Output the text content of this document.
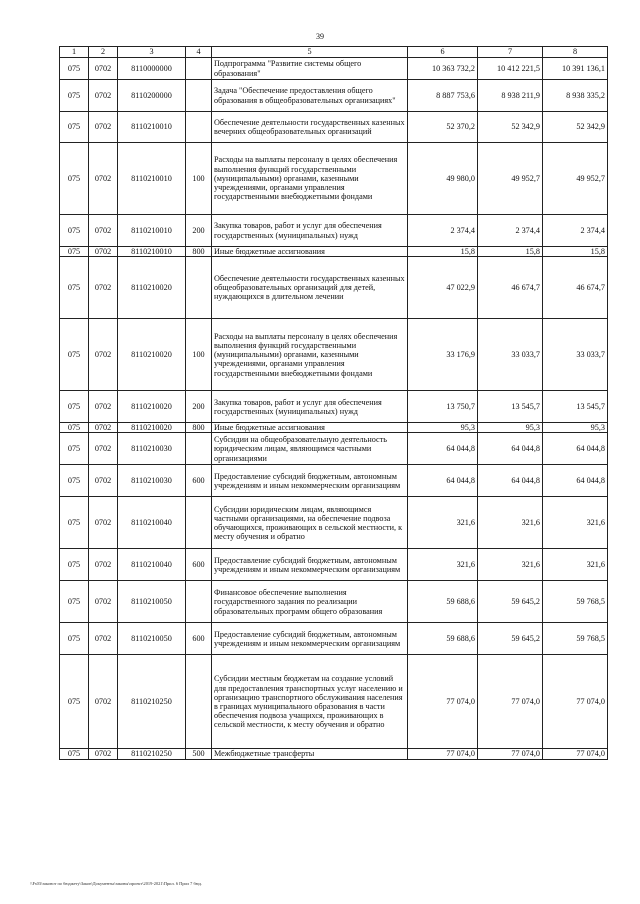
39
1	2	3	4	5	6	7	8
075	0702	8110000000		Подпрограмма "Развитие системы общего образования"	10 363 732,2	10 412 221,5	10 391 136,1
075	0702	8110200000		Задача "Обеспечение предоставления общего образования в общеобразовательных организациях"	8 887 753,6	8 938 211,9	8 938 335,2
075	0702	8110210010		Обеспечение деятельности государственных казенных вечерних общеобразовательных организаций	52 370,2	52 342,9	52 342,9
075	0702	8110210010	100	Расходы на выплаты персоналу в целях обеспечения выполнения функций государственными (муниципальными) органами, казенными учреждениями, органами управления государственными внебюджетными фондами	49 980,0	49 952,7	49 952,7
075	0702	8110210010	200	Закупка товаров, работ и услуг для обеспечения государственных (муниципальных) нужд	2 374,4	2 374,4	2 374,4
075	0702	8110210010	800	Иные бюджетные ассигнования	15,8	15,8	15,8
075	0702	8110210020		Обеспечение деятельности государственных казенных общеобразовательных организаций для детей, нуждающихся в длительном лечении	47 022,9	46 674,7	46 674,7
075	0702	8110210020	100	Расходы на выплаты персоналу в целях обеспечения выполнения функций государственными (муниципальными) органами, казенными учреждениями, органами управления государственными внебюджетными фондами	33 176,9	33 033,7	33 033,7
075	0702	8110210020	200	Закупка товаров, работ и услуг для обеспечения государственных (муниципальных) нужд	13 750,7	13 545,7	13 545,7
075	0702	8110210020	800	Иные бюджетные ассигнования	95,3	95,3	95,3
075	0702	8110210030		Субсидии на общеобразовательную деятельность юридическим лицам, являющимся частными организациями	64 044,8	64 044,8	64 044,8
075	0702	8110210030	600	Предоставление субсидий бюджетным, автономным учреждениям и иным некоммерческим организациям	64 044,8	64 044,8	64 044,8
075	0702	8110210040		Субсидии юридическим лицам, являющимся частными организациями, на обеспечение подвоза обучающихся, проживающих в сельской местности, к месту обучения и обратно	321,6	321,6	321,6
075	0702	8110210040	600	Предоставление субсидий бюджетным, автономным учреждениям и иным некоммерческим организациям	321,6	321,6	321,6
075	0702	8110210050		Финансовое обеспечение выполнения государственного задания по реализации образовательных программ общего образования	59 688,6	59 645,2	59 768,5
075	0702	8110210050	600	Предоставление субсидий бюджетным, автономным учреждениям и иным некоммерческим организациям	59 688,6	59 645,2	59 768,5
075	0702	8110210250		Субсидии местным бюджетам на создание условий для предоставления транспортных услуг населению и организацию транспортного обслуживания населения в границах муниципального образования в части обеспечения подвоза учащихся, проживающих в сельской местности, к месту обучения и обратно	77 074,0	77 074,0	77 074,0
075	0702	8110210250	500	Межбюджетные трансферты	77 074,0	77 074,0	77 074,0
\\Fs03\законот по бюджету\Закон\Документы\законы\проект\2019-2021\Прил. 6 Прил 7 бюд.
